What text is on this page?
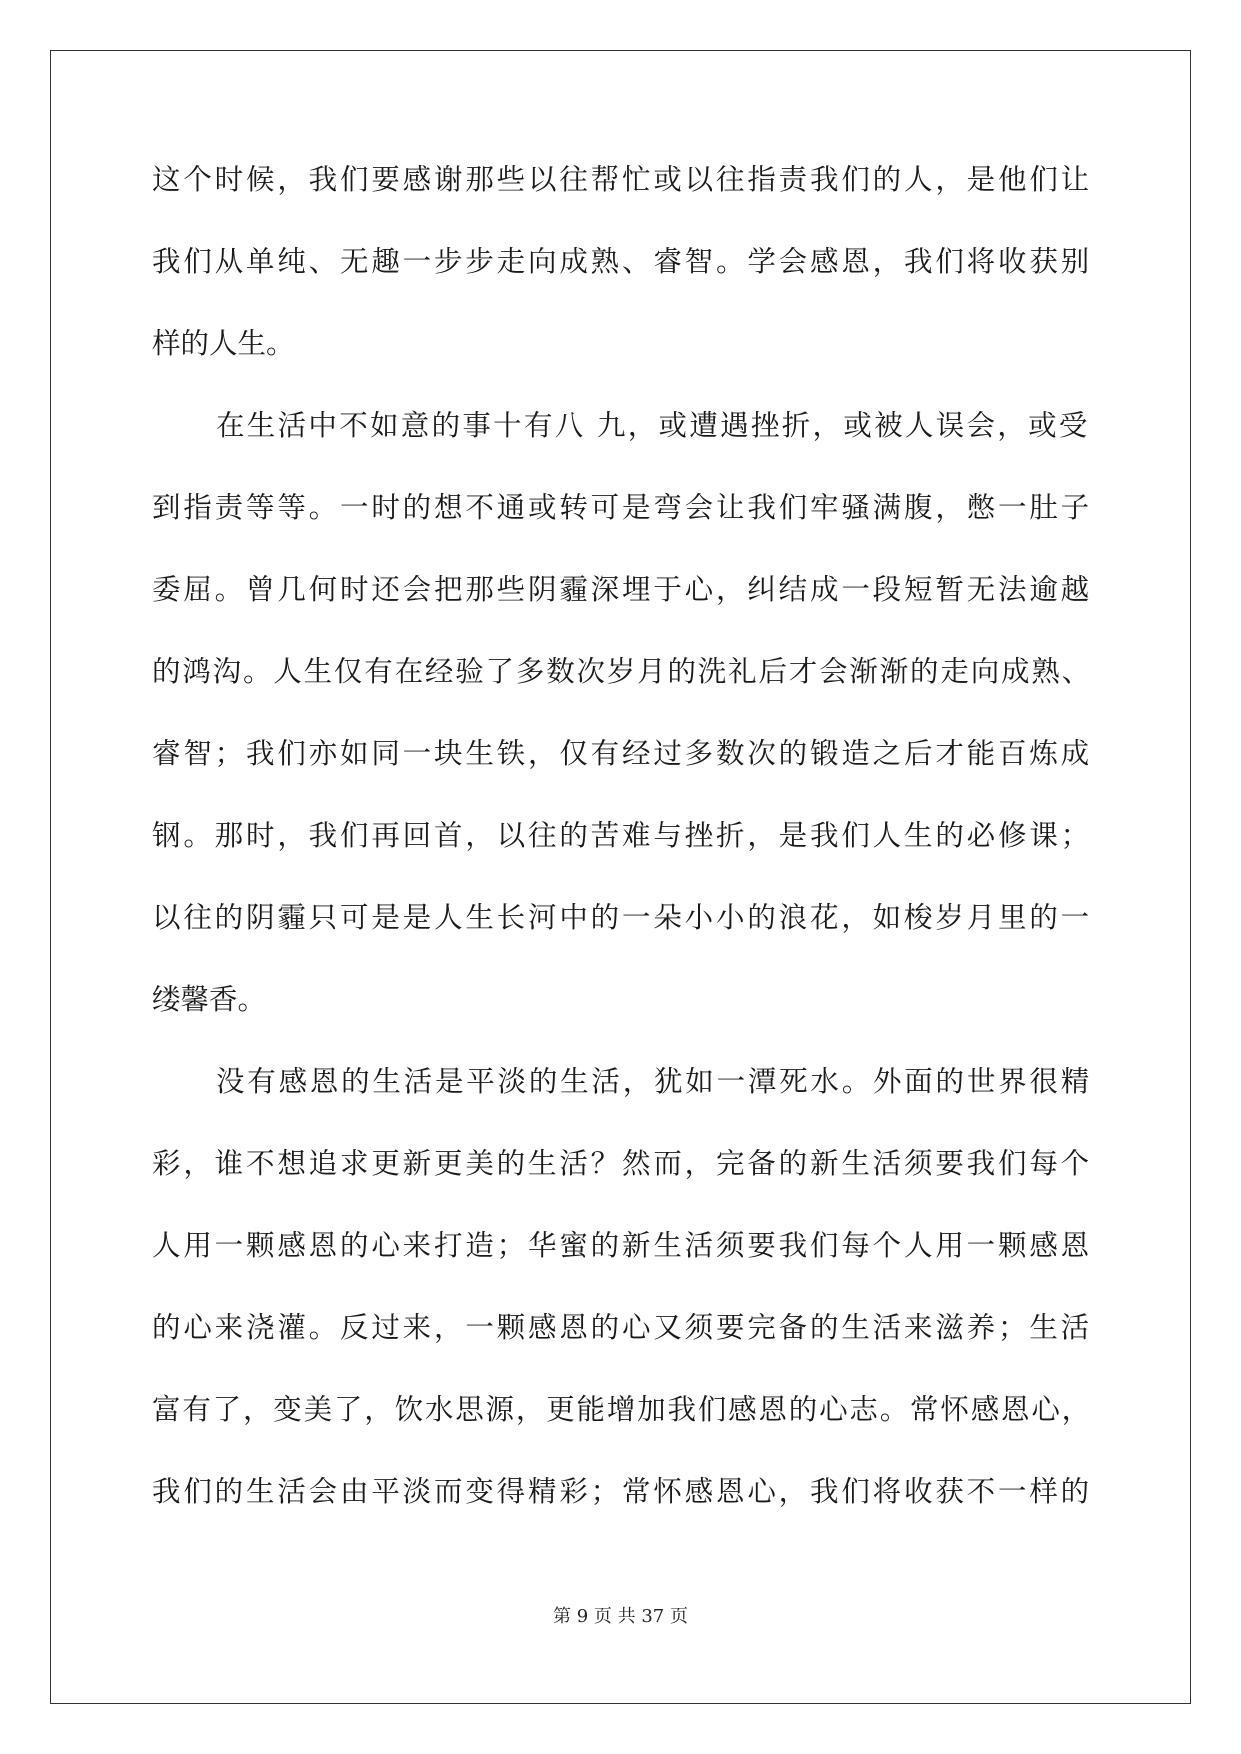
这个时候，我们要感谢那些以往帮忙或以往指责我们的人，是他们让
我们从单纯、无趣一步步走向成熟、睿智。学会感恩，我们将收获别
样的人生。
在生活中不如意的事十有八 九，或遭遇挫折，或被人误会，或受
到指责等等。一时的想不通或转可是弯会让我们牢骚满腹，憋一肚子
委屈。曾几何时还会把那些阴霾深埋于心，纠结成一段短暂无法逾越
的鸿沟。人生仅有在经验了多数次岁月的洗礼后才会渐渐的走向成熟、
睿智；我们亦如同一块生铁，仅有经过多数次的锻造之后才能百炼成
钢。那时，我们再回首，以往的苦难与挫折，是我们人生的必修课；
以往的阴霾只可是是人生长河中的一朵小小的浪花，如梭岁月里的一
缕馨香。
没有感恩的生活是平淡的生活，犹如一潭死水。外面的世界很精
彩，谁不想追求更新更美的生活？然而，完备的新生活须要我们每个
人用一颗感恩的心来打造；华蜜的新生活须要我们每个人用一颗感恩
的心来浇灌。反过来，一颗感恩的心又须要完备的生活来滋养；生活
富有了，变美了，饮水思源，更能增加我们感恩的心志。常怀感恩心，
我们的生活会由平淡而变得精彩；常怀感恩心，我们将收获不一样的
第 9 页 共 37 页
